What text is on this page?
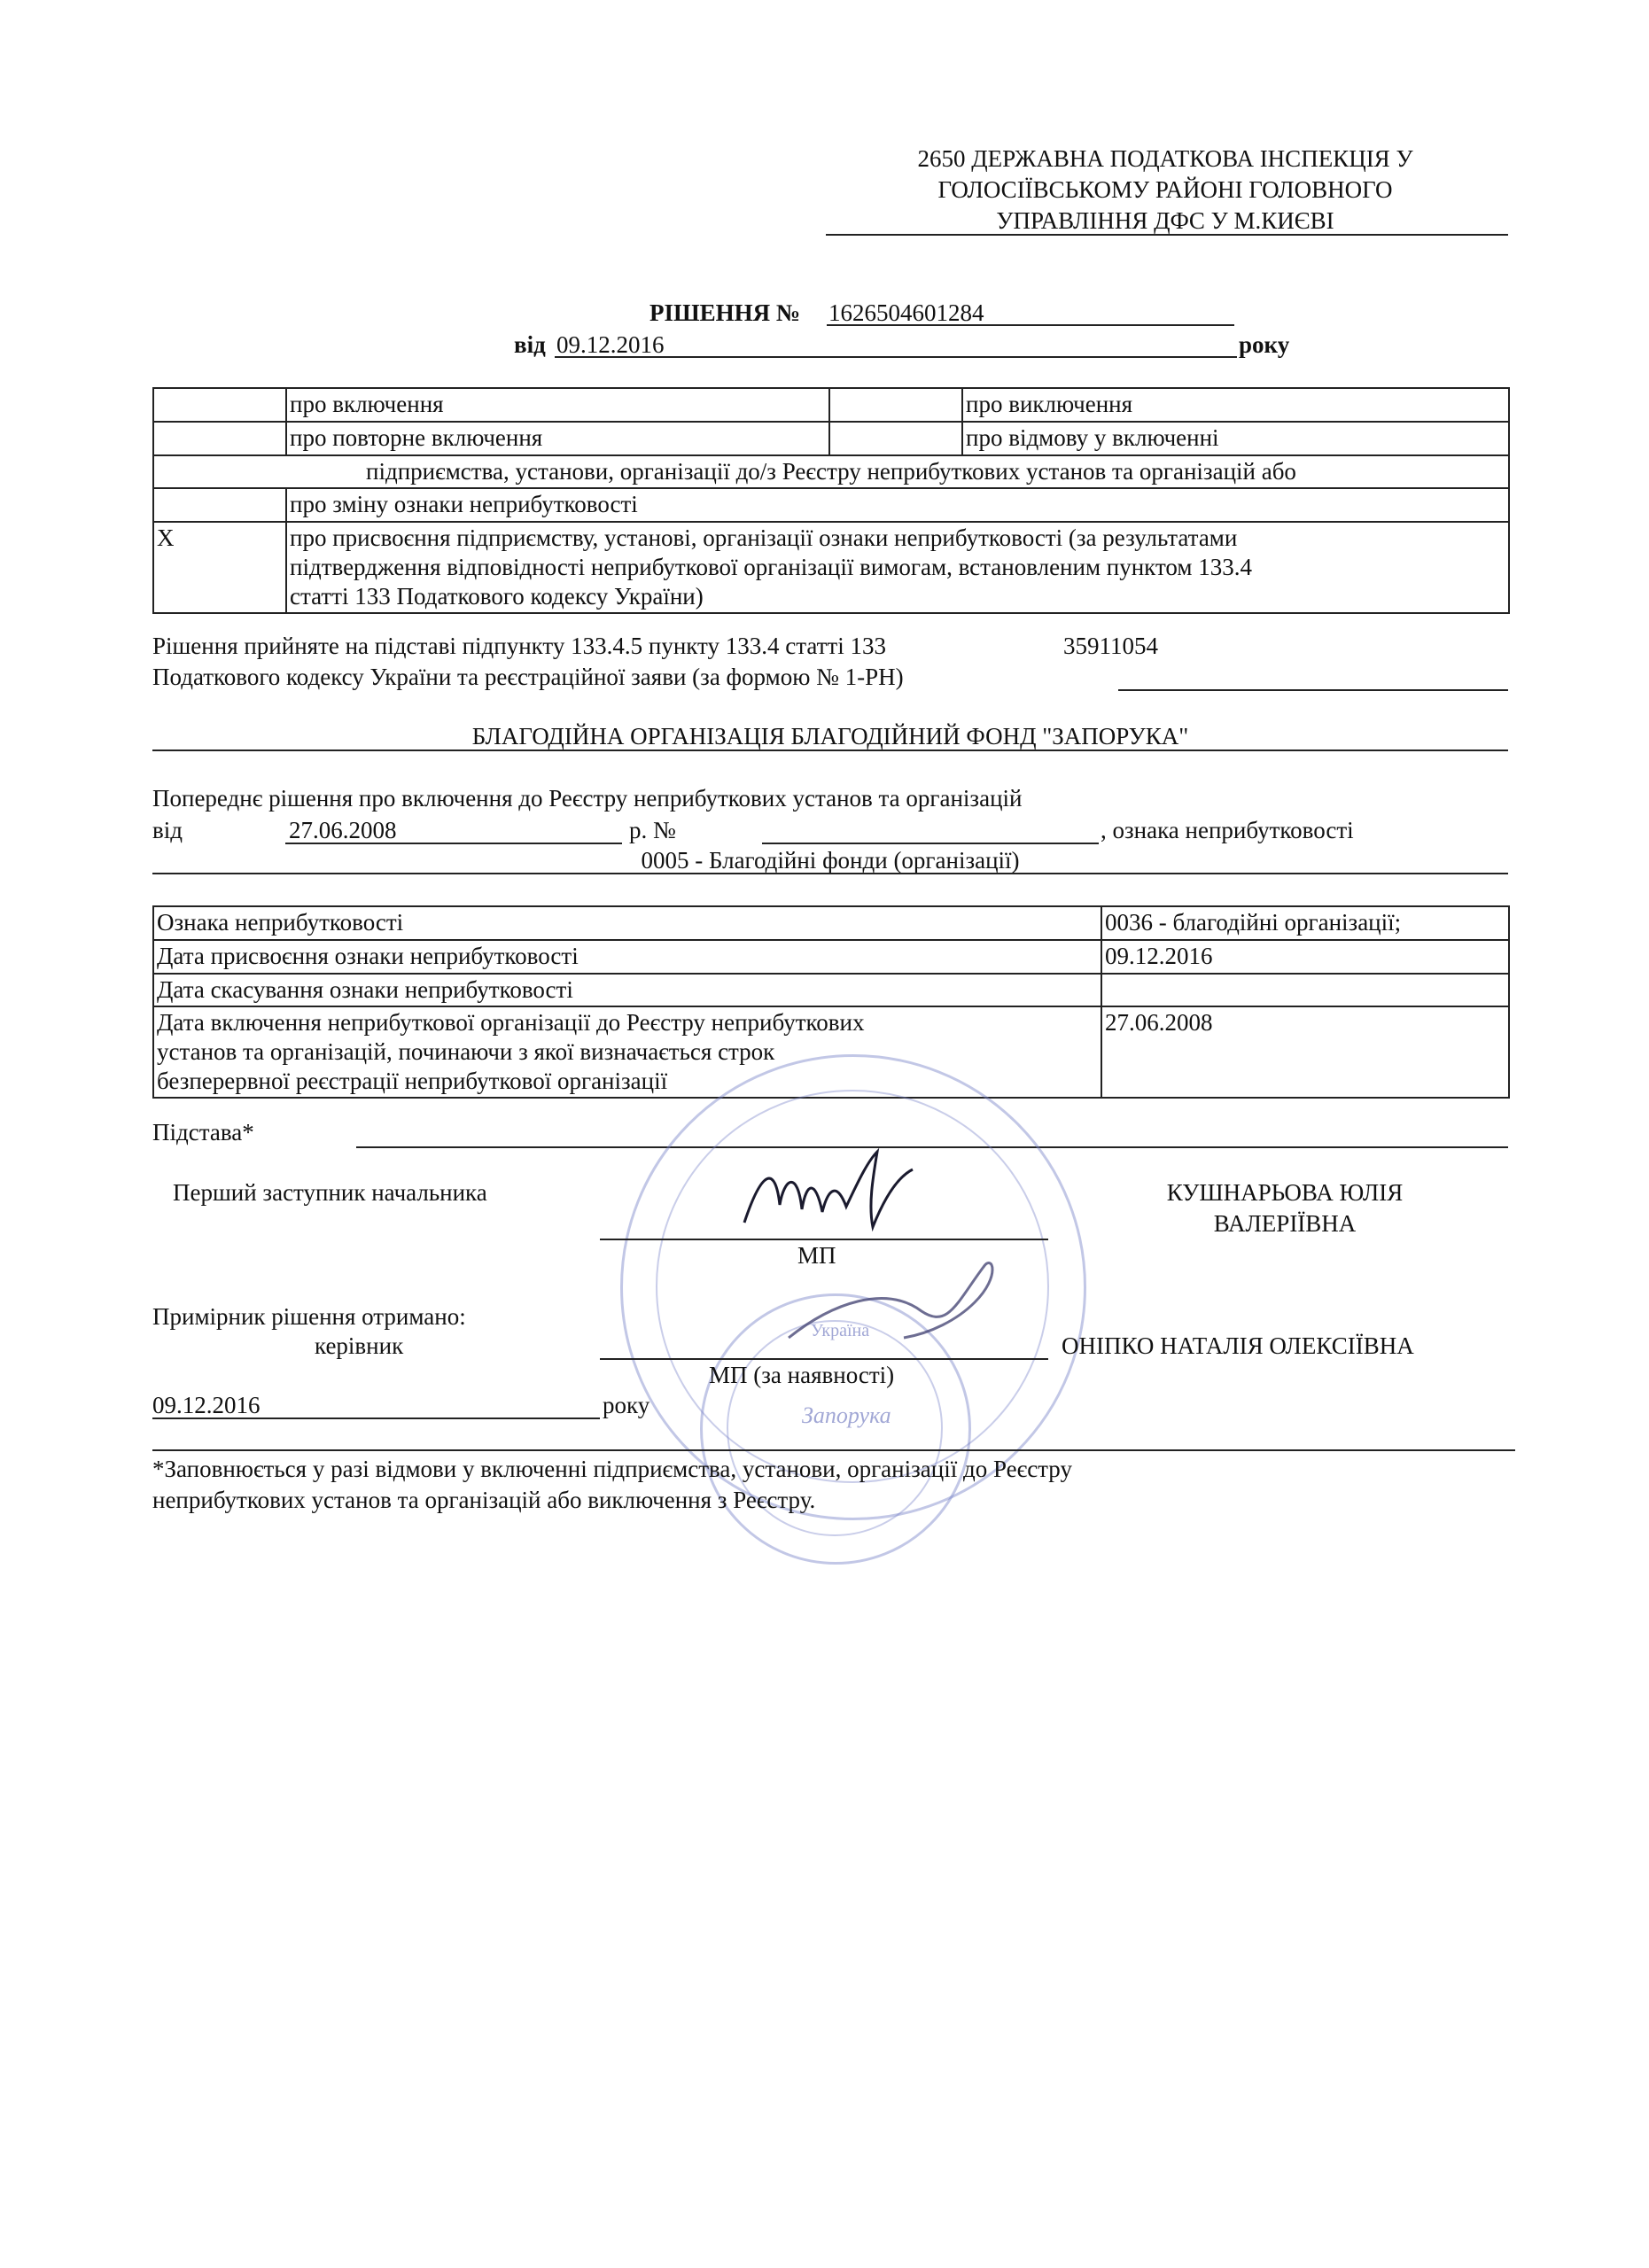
2650 ДЕРЖАВНА ПОДАТКОВА ІНСПЕКЦІЯ У
ГОЛОСІЇВСЬКОМУ РАЙОНІ ГОЛОВНОГО
УПРАВЛІННЯ ДФС У М.КИЄВІ
РІШЕННЯ № 1626504601284
від 09.12.2016	року
	про включення		про виключення
	про повторне включення		про відмову у включенні
підприємства, установи, організації до/з Реєстру неприбуткових установ та організацій або			
	про зміну ознаки неприбутковості		
X	про присвоєння підприємству, установі, організації ознаки неприбутковості (за результатами
підтвердження відповідності неприбуткової організації вимогам, встановленим пунктом 133.4
статті 133 Податкового кодексу України)		
Рішення прийняте на підставі підпункту 133.4.5 пункту 133.4 статті 133	35911054
Податкового кодексу України та реєстраційної заяви (за формою № 1-РН)
БЛАГОДІЙНА ОРГАНІЗАЦІЯ БЛАГОДІЙНИЙ ФОНД "ЗАПОРУКА"
Попереднє рішення про включення до Реєстру неприбуткових установ та організацій
від	27.06.2008	р. №	, ознака неприбутковості
0005 - Благодійні фонди (організації)
Ознака неприбутковості	0036 - благодійні організації;
Дата присвоєння ознаки неприбутковості	09.12.2016
Дата скасування ознаки неприбутковості	

Дата включення неприбуткової організації до Реєстру неприбуткових
установ та організацій, починаючи з якої визначається строк
безперервної реєстрації неприбуткової організації	27.06.2008
Підстава*
Україна
Запорука
Перший заступник начальника
МП
КУШНАРЬОВА ЮЛІЯ
ВАЛЕРІЇВНА
Примірник рішення отримано:
керівник
МП (за наявності)
ОНІПКО НАТАЛІЯ ОЛЕКСІЇВНА
09.12.2016	року
*Заповнюється у разі відмови у включенні підприємства, установи, організації до Реєстру
неприбуткових установ та організацій або виключення з Реєстру.
